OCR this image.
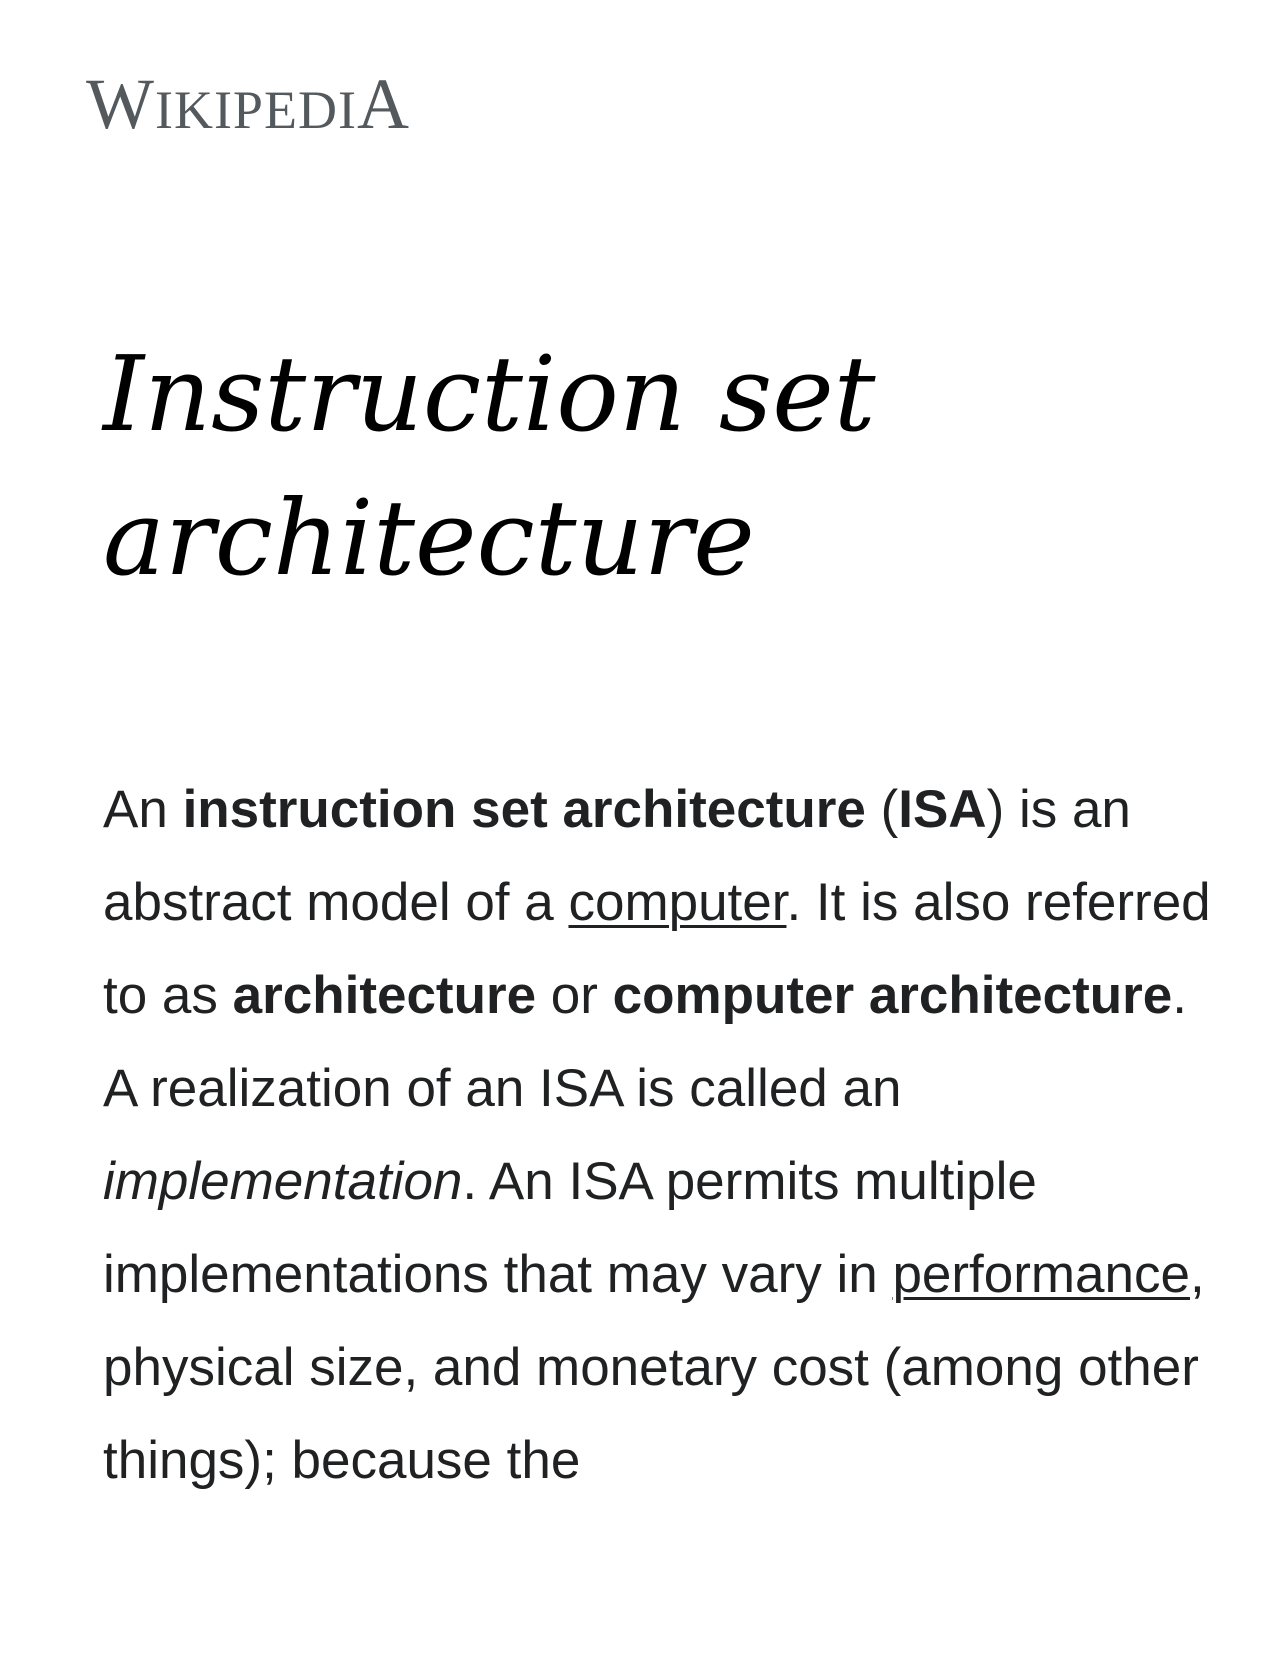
WIKIPEDIA
Instruction set architecture

An instruction set architecture (ISA) is an abstract model of a computer. It is also referred to as architecture or computer architecture. A realization of an ISA is called an implementation. An ISA permits multiple implementations that may vary in performance, physical size, and monetary cost (among other things); because the
